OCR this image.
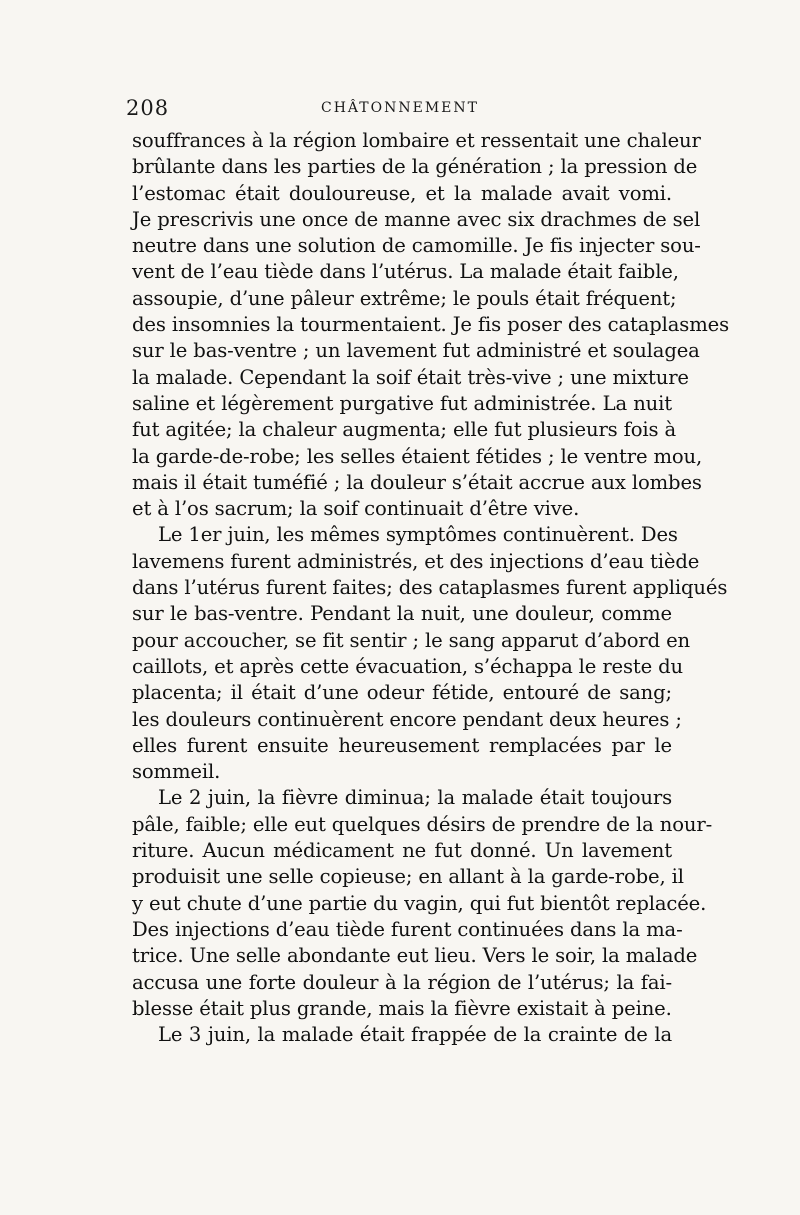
208	CHÂTONNEMENT
souffrances à la région lombaire et ressentait une chaleur
brûlante dans les parties de la génération ; la pression de
l’estomac était douloureuse, et la malade avait vomi.
Je prescrivis une once de manne avec six drachmes de sel
neutre dans une solution de camomille. Je fis injecter sou-
vent de l’eau tiède dans l’utérus. La malade était faible,
assoupie, d’une pâleur extrême; le pouls était fréquent;
des insomnies la tourmentaient. Je fis poser des cataplasmes
sur le bas-ventre ; un lavement fut administré et soulagea
la malade. Cependant la soif était très-vive ; une mixture
saline et légèrement purgative fut administrée. La nuit
fut agitée; la chaleur augmenta; elle fut plusieurs fois à
la garde-de-robe; les selles étaient fétides ; le ventre mou,
mais il était tuméfié ; la douleur s’était accrue aux lombes
et à l’os sacrum; la soif continuait d’être vive.
Le 1er juin, les mêmes symptômes continuèrent. Des
lavemens furent administrés, et des injections d’eau tiède
dans l’utérus furent faites; des cataplasmes furent appliqués
sur le bas-ventre. Pendant la nuit, une douleur, comme
pour accoucher, se fit sentir ; le sang apparut d’abord en
caillots, et après cette évacuation, s’échappa le reste du
placenta; il était d’une odeur fétide, entouré de sang;
les douleurs continuèrent encore pendant deux heures ;
elles furent ensuite heureusement remplacées par le
sommeil.
Le 2 juin, la fièvre diminua; la malade était toujours
pâle, faible; elle eut quelques désirs de prendre de la nour-
riture. Aucun médicament ne fut donné. Un lavement
produisit une selle copieuse; en allant à la garde-robe, il
y eut chute d’une partie du vagin, qui fut bientôt replacée.
Des injections d’eau tiède furent continuées dans la ma-
trice. Une selle abondante eut lieu. Vers le soir, la malade
accusa une forte douleur à la région de l’utérus; la fai-
blesse était plus grande, mais la fièvre existait à peine.
Le 3 juin, la malade était frappée de la crainte de la
